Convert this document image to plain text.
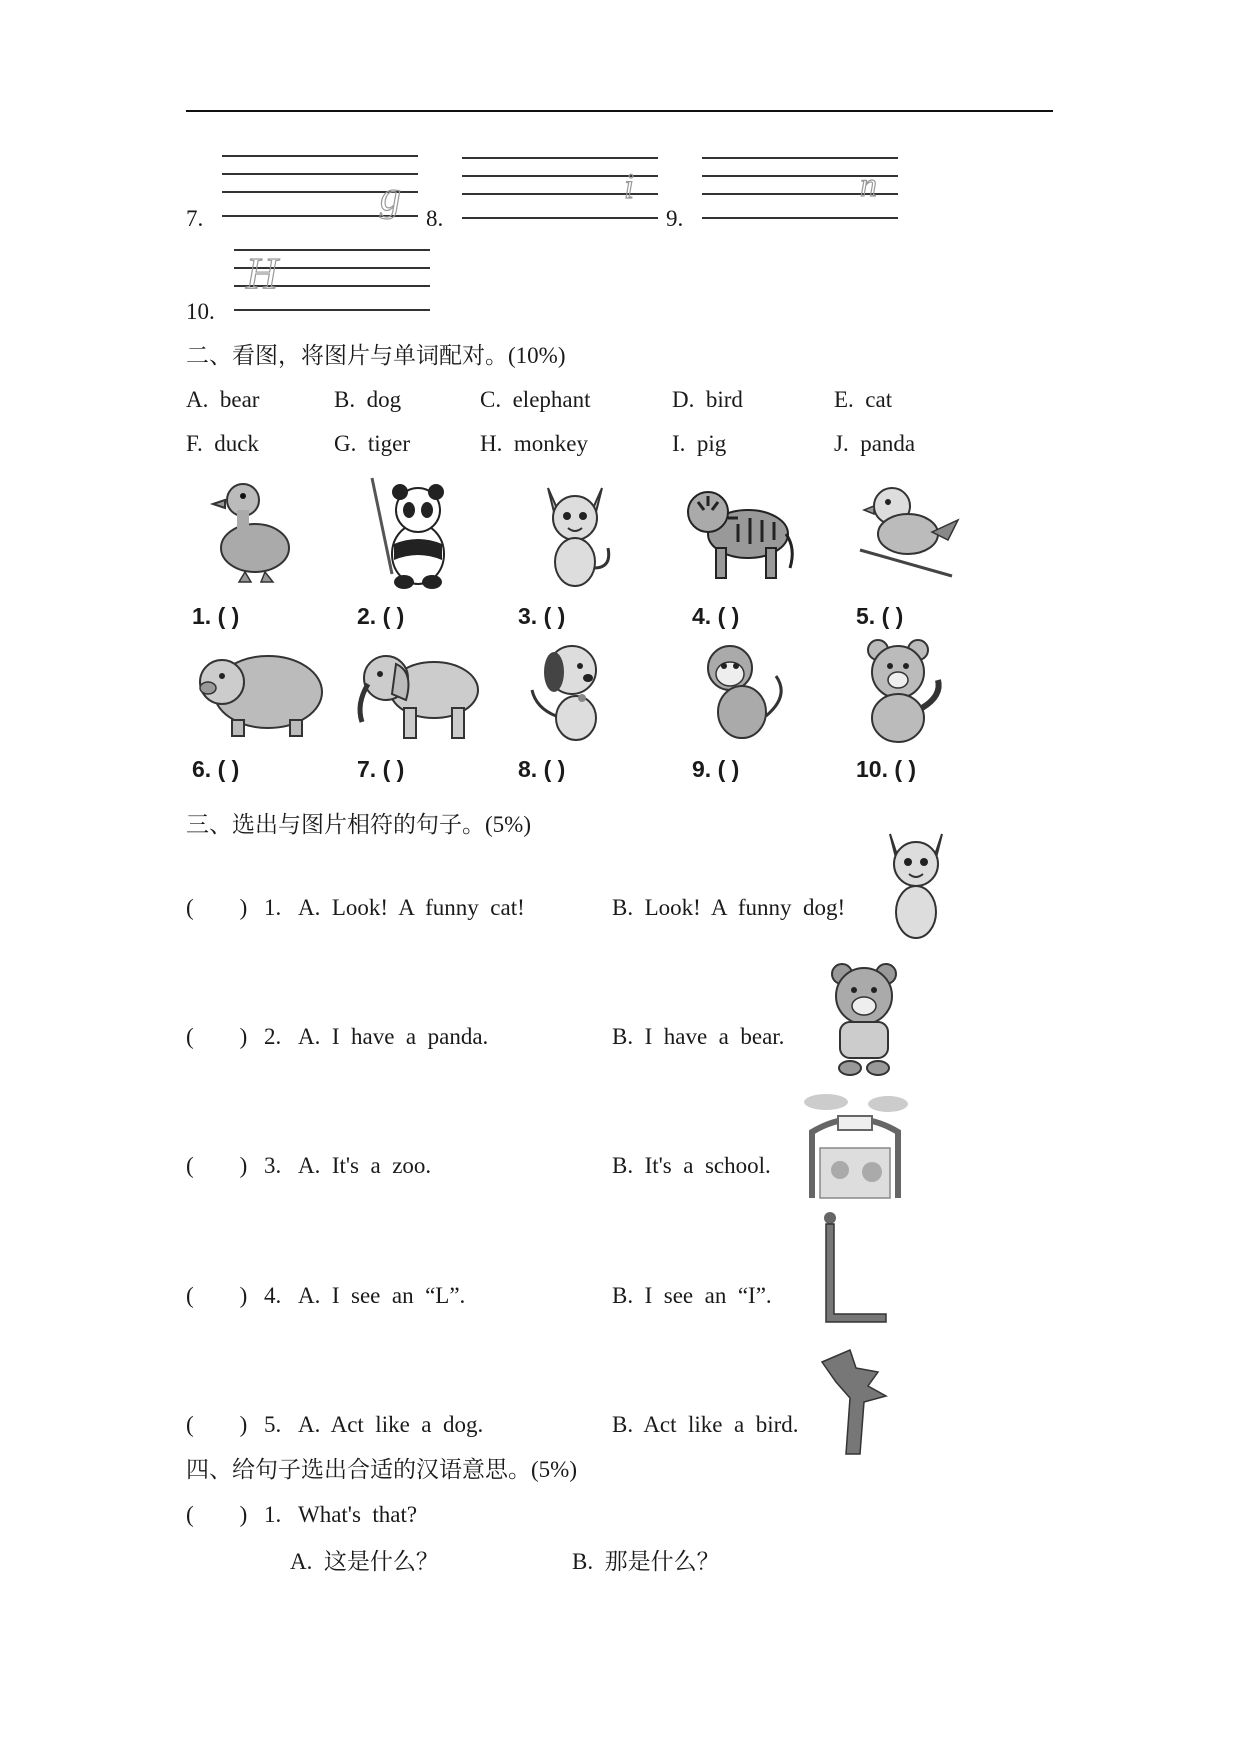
7.	g 8.
i
9.
n
10.
H
二、看图，将图片与单词配对。(10%)
A.  bear	B.  dog	C.  elephant	D.  bird	E.  cat
F.  duck	G.  tiger	H.  monkey	I.  pig	J.  panda
1. ( )	2. ( )	3. ( )	4. ( )	5. ( )
6. ( )	7. ( )	8. ( )	9. ( )	10. ( )
三、选出与图片相符的句子。(5%)
(        ) 1. A.  Look!  A  funny  cat!	B.  Look!  A  funny  dog!
(        ) 2. A.  I  have  a  panda.	B.  I  have  a  bear.
(        ) 3. A.  It's  a  zoo.	B.  It's  a  school.
(        ) 4. A.  I  see  an  “L”.	B.  I  see  an  “I”.
(        ) 5. A.  Act  like  a  dog.	B.  Act  like  a  bird.
四、给句子选出合适的汉语意思。(5%)
(        ) 1. What's  that?
A.  这是什么？	B.  那是什么？
